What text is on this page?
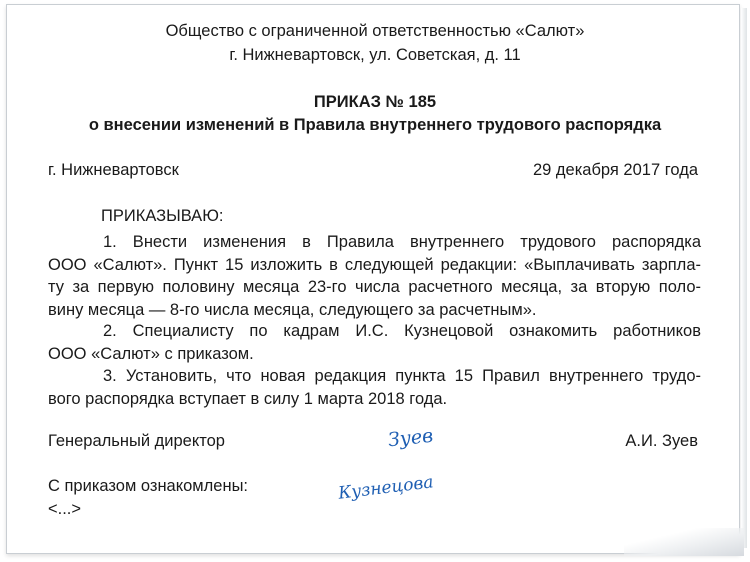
Общество с ограниченной ответственностью «Салют»
г. Нижневартовск, ул. Советская, д. 11
ПРИКАЗ № 185
о внесении изменений в Правила внутреннего трудового распорядка
г. Нижневартовск	29 декабря 2017 года
ПРИКАЗЫВАЮ:
1. Внести изменения в Правила внутреннего трудового распорядка
ООО «Салют». Пункт 15 изложить в следующей редакции: «Выплачивать зарпла-
ту за первую половину месяца 23-го числа расчетного месяца, за вторую поло-
вину месяца — 8-го числа месяца, следующего за расчетным».
2. Специалисту по кадрам И.С. Кузнецовой ознакомить работников
ООО «Салют» с приказом.
3. Установить, что новая редакция пункта 15 Правил внутреннего трудо-
вого распорядка вступает в силу 1 марта 2018 года.
Генеральный директор	Зуев	А.И. Зуев
С приказом ознакомлены:	Кузнецова
<...>
